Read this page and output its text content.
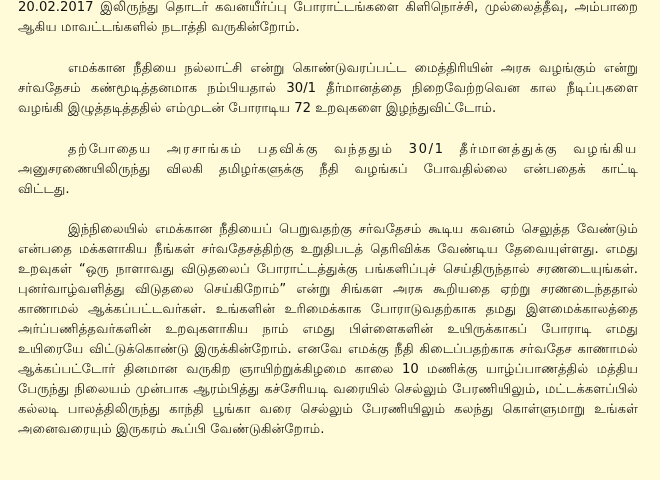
20.02.2017 இலிருந்து தொடர் கவனயீர்ப்பு போராட்டங்களை கிளிநொச்சி, முல்லைத்தீவு, அம்பாறை
ஆகிய மாவட்டங்களில் நடாத்தி வருகின்றோம்.
எமக்கான நீதியை நல்லாட்சி என்று கொண்டுவரப்பட்ட மைத்திரியின் அரசு வழங்கும் என்று
சர்வதேசம் கண்மூடித்தனமாக நம்பியதால் 30/1 தீர்மானத்தை நிறைவேற்றவென கால நீடிப்புகளை
வழங்கி இழுத்தடித்ததில் எம்முடன் போராடிய 72 உறவுகளை இழந்துவிட்டோம்.
தற்போதைய அரசாங்கம் பதவிக்கு வந்ததும் 30/1 தீர்மானத்துக்கு வழங்கிய
அனுசரணையிலிருந்து விலகி தமிழர்களுக்கு நீதி வழங்கப் போவதில்லை என்பதைக் காட்டி
விட்டது.
இந்நிலையில் எமக்கான நீதியைப் பெறுவதற்கு சர்வதேசம் கூடிய கவனம் செலுத்த வேண்டும்
என்பதை மக்களாகிய நீங்கள் சர்வதேசத்திற்கு உறுதிபடத் தெரிவிக்க வேண்டிய தேவையுள்ளது. எமது
உறவுகள் “ஒரு நாளாவது விடுதலைப் போராட்டத்துக்கு பங்களிப்புச் செய்திருந்தால் சரணடையுங்கள்.
புனர்வாழ்வளித்து விடுதலை செய்கிறோம்” என்று சிங்கள அரசு கூறியதை ஏற்று சரணடைந்ததால்
காணாமல் ஆக்கப்பட்டவர்கள். உங்களின் உரிமைக்காக போராடுவதற்காக தமது இளமைக்காலத்தை
அர்ப்பணித்தவர்களின் உறவுகளாகிய நாம் எமது பிள்ளைகளின் உயிருக்காகப் போராடி எமது
உயிரையே விட்டுக்கொண்டு இருக்கின்றோம். எனவே எமக்கு நீதி கிடைப்பதற்காக சர்வதேச காணாமல்
ஆக்கப்பட்டோர் தினமான வருகிற ஞாயிற்றுக்கிழமை காலை 10 மணிக்கு யாழ்ப்பாணத்தில் மத்திய
பேருந்து நிலையம் முன்பாக ஆரம்பித்து கச்சேரியடி வரையில் செல்லும் பேரணியிலும், மட்டக்களப்பில்
கல்லடி பாலத்திலிருந்து காந்தி பூங்கா வரை செல்லும் பேரணியிலும் கலந்து கொள்ளுமாறு உங்கள்
அனைவரையும் இருகரம் கூப்பி வேண்டுகின்றோம்.
